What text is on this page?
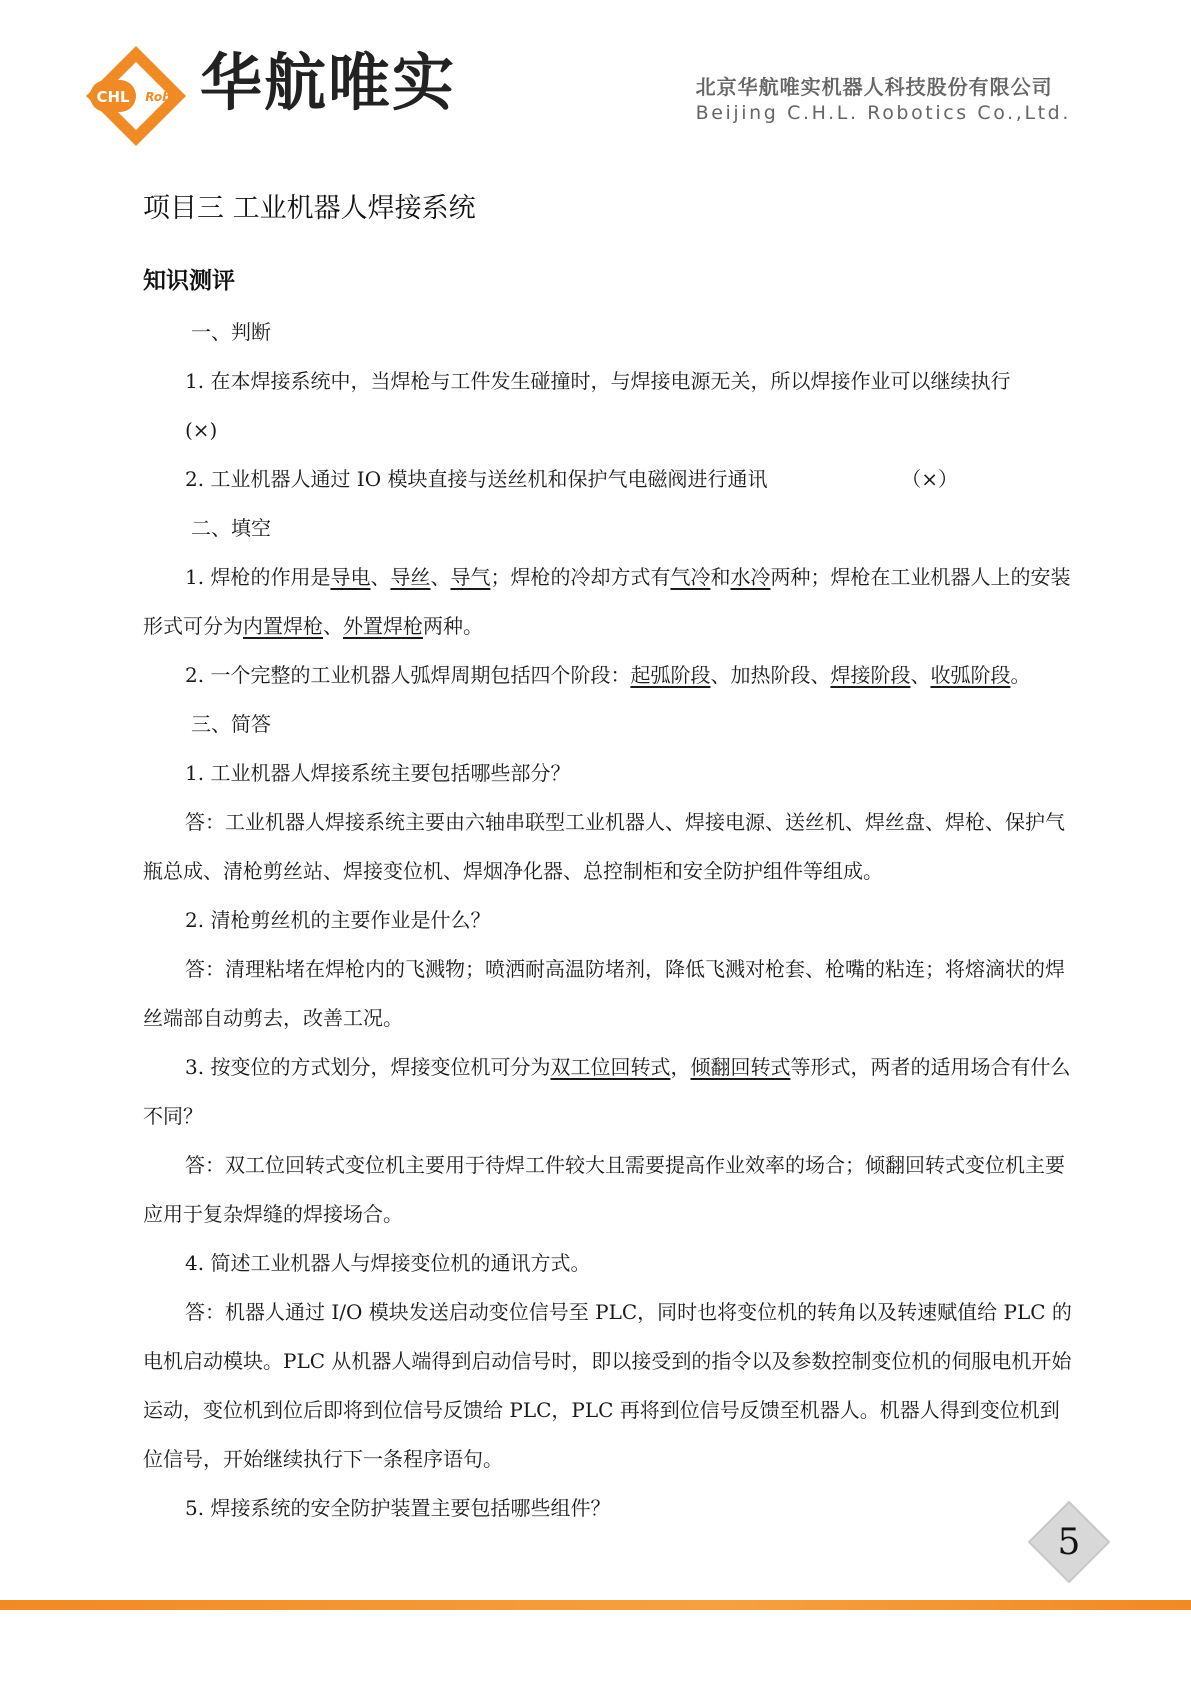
CHL Rob 华航唯实	北京华航唯实机器人科技股份有限公司
Beijing C.H.L. Robotics Co.,Ltd.
项目三 工业机器人焊接系统
知识测评

一、判断

1. 在本焊接系统中，当焊枪与工件发生碰撞时，与焊接电源无关，所以焊接作业可以继续执行

(×)

2. 工业机器人通过 IO 模块直接与送丝机和保护气电磁阀进行通讯	（×）

二、填空

1. 焊枪的作用是导电、导丝、导气；焊枪的冷却方式有气冷和水冷两种；焊枪在工业机器人上的安装形式可分为内置焊枪、外置焊枪两种。

2. 一个完整的工业机器人弧焊周期包括四个阶段：起弧阶段、加热阶段、焊接阶段、收弧阶段。

三、简答

1. 工业机器人焊接系统主要包括哪些部分？

答：工业机器人焊接系统主要由六轴串联型工业机器人、焊接电源、送丝机、焊丝盘、焊枪、保护气瓶总成、清枪剪丝站、焊接变位机、焊烟净化器、总控制柜和安全防护组件等组成。

2. 清枪剪丝机的主要作业是什么？

答：清理粘堵在焊枪内的飞溅物；喷洒耐高温防堵剂，降低飞溅对枪套、枪嘴的粘连；将熔滴状的焊丝端部自动剪去，改善工况。

3. 按变位的方式划分，焊接变位机可分为双工位回转式，倾翻回转式等形式，两者的适用场合有什么不同？

答：双工位回转式变位机主要用于待焊工件较大且需要提高作业效率的场合；倾翻回转式变位机主要应用于复杂焊缝的焊接场合。

4. 简述工业机器人与焊接变位机的通讯方式。

答：机器人通过 I/O 模块发送启动变位信号至 PLC，同时也将变位机的转角以及转速赋值给 PLC 的电机启动模块。PLC 从机器人端得到启动信号时，即以接受到的指令以及参数控制变位机的伺服电机开始运动，变位机到位后即将到位信号反馈给 PLC，PLC 再将到位信号反馈至机器人。机器人得到变位机到位信号，开始继续执行下一条程序语句。

5. 焊接系统的安全防护装置主要包括哪些组件？

5
